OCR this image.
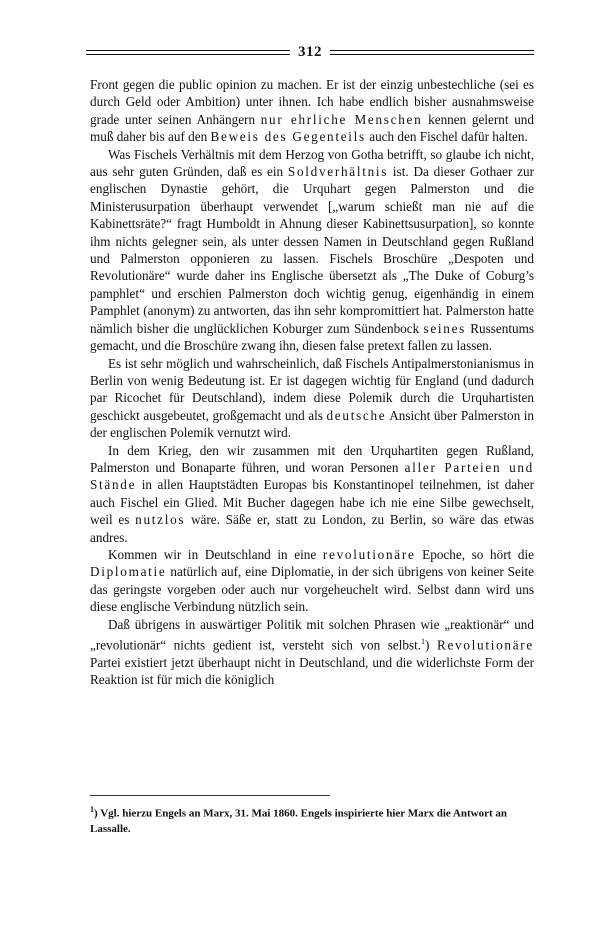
312

Front gegen die public opinion zu machen. Er ist der einzig unbestechliche (sei es durch Geld oder Ambition) unter ihnen. Ich habe endlich bisher ausnahmsweise grade unter seinen Anhängern nur ehrliche Menschen kennen gelernt und muß daher bis auf den Beweis des Gegenteils auch den Fischel dafür halten.

Was Fischels Verhältnis mit dem Herzog von Gotha betrifft, so glaube ich nicht, aus sehr guten Gründen, daß es ein Soldverhältnis ist. Da dieser Gothaer zur englischen Dynastie gehört, die Urquhart gegen Palmerston und die Ministerusurpation überhaupt verwendet [„warum schießt man nie auf die Kabinettsräte?“ fragt Humboldt in Ahnung dieser Kabinettsusurpation], so konnte ihm nichts gelegner sein, als unter dessen Namen in Deutschland gegen Rußland und Palmerston opponieren zu lassen. Fischels Broschüre „Despoten und Revolutionäre“ wurde daher ins Englische übersetzt als „The Duke of Coburg’s pamphlet“ und erschien Palmerston doch wichtig genug, eigenhändig in einem Pamphlet (anonym) zu antworten, das ihn sehr kompromittiert hat. Palmerston hatte nämlich bisher die unglücklichen Koburger zum Sündenbock seines Russentums gemacht, und die Broschüre zwang ihn, diesen false pretext fallen zu lassen.

Es ist sehr möglich und wahrscheinlich, daß Fischels Antipalmerstonianismus in Berlin von wenig Bedeutung ist. Er ist dagegen wichtig für England (und dadurch par Ricochet für Deutschland), indem diese Polemik durch die Urquhartisten geschickt ausgebeutet, großgemacht und als deutsche Ansicht über Palmerston in der englischen Polemik vernutzt wird.

In dem Krieg, den wir zusammen mit den Urquhartiten gegen Rußland, Palmerston und Bonaparte führen, und woran Personen aller Parteien und Stände in allen Hauptstädten Europas bis Konstantinopel teilnehmen, ist daher auch Fischel ein Glied. Mit Bucher dagegen habe ich nie eine Silbe gewechselt, weil es nutzlos wäre. Säße er, statt zu London, zu Berlin, so wäre das etwas andres.

Kommen wir in Deutschland in eine revolutionäre Epoche, so hört die Diplomatie natürlich auf, eine Diplomatie, in der sich übrigens von keiner Seite das geringste vorgeben oder auch nur vorgeheuchelt wird. Selbst dann wird uns diese englische Verbindung nützlich sein.

Daß übrigens in auswärtiger Politik mit solchen Phrasen wie „reaktionär“ und „revolutionär“ nichts gedient ist, versteht sich von selbst.$^1$) Revolutionäre Partei existiert jetzt überhaupt nicht in Deutschland, und die widerlichste Form der Reaktion ist für mich die königlich

$^1$) Vgl. hierzu Engels an Marx, 31. Mai 1860. Engels inspirierte hier Marx die Antwort an Lassalle.
